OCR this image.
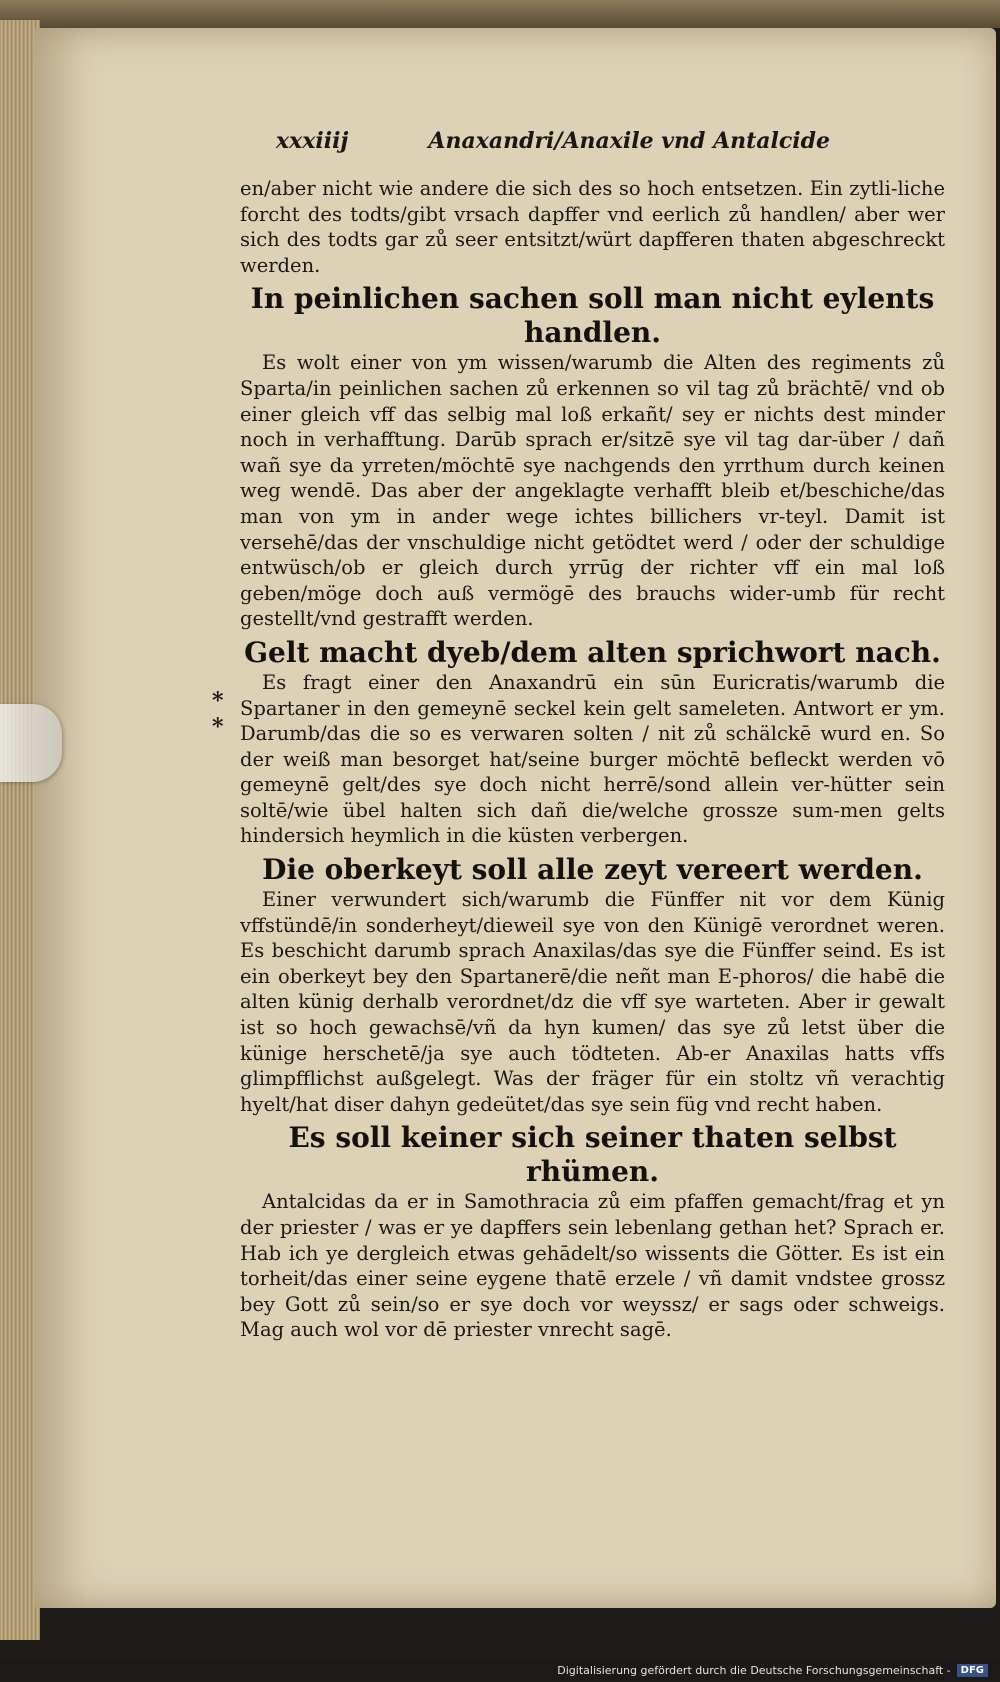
xxxiiij	Anaxandri/Anaxile vnd Antalcide
*
*

en/aber nicht wie andere die sich des so hoch entsetzen. Ein zytli-liche forcht des todts/gibt vrsach dapffer vnd eerlich zů handlen/ aber wer sich des todts gar zů seer entsitzt/würt dapfferen thaten abgeschreckt werden.

In peinlichen sachen soll man nicht eylents handlen.

Es wolt einer von ym wissen/warumb die Alten des regiments zů Sparta/in peinlichen sachen zů erkennen so vil tag zů brächtē/ vnd ob einer gleich vff das selbig mal loß erkañt/ sey er nichts dest minder noch in verhafftung. Darūb sprach er/sitzē sye vil tag dar-über / dañ wañ sye da yrreten/möchtē sye nachgends den yrrthum durch keinen weg wendē. Das aber der angeklagte verhafft bleib et/beschiche/das man von ym in ander wege ichtes billichers vr-teyl. Damit ist versehē/das der vnschuldige nicht getödtet werd / oder der schuldige entwüsch/ob er gleich durch yrrūg der richter vff ein mal loß geben/möge doch auß vermögē des brauchs wider-umb für recht gestellt/vnd gestrafft werden.

Gelt macht dyeb/dem alten sprichwort nach.

Es fragt einer den Anaxandrū ein sūn Euricratis/warumb die Spartaner in den gemeynē seckel kein gelt sameleten. Antwort er ym. Darumb/das die so es verwaren solten / nit zů schälckē wurd en. So der weiß man besorget hat/seine burger möchtē befleckt werden vō gemeynē gelt/des sye doch nicht herrē/sond allein ver-hütter sein soltē/wie übel halten sich dañ die/welche grossze sum-men gelts hindersich heymlich in die küsten verbergen.

Die oberkeyt soll alle zeyt vereert werden.

Einer verwundert sich/warumb die Fünffer nit vor dem Künig vffstündē/in sonderheyt/dieweil sye von den Künigē verordnet weren. Es beschicht darumb sprach Anaxilas/das sye die Fünffer seind. Es ist ein oberkeyt bey den Spartanerē/die neñt man E-phoros/ die habē die alten künig derhalb verordnet/dz die vff sye warteten. Aber ir gewalt ist so hoch gewachsē/vñ da hyn kumen/ das sye zů letst über die künige herschetē/ja sye auch tödteten. Ab-er Anaxilas hatts vffs glimpfflichst außgelegt. Was der fräger für ein stoltz vñ verachtig hyelt/hat diser dahyn gedeütet/das sye sein füg vnd recht haben.

Es soll keiner sich seiner thaten selbst rhümen.

Antalcidas da er in Samothracia zů eim pfaffen gemacht/frag et yn der priester / was er ye dapffers sein lebenlang gethan het? Sprach er. Hab ich ye dergleich etwas gehādelt/so wissents die Götter. Es ist ein torheit/das einer seine eygene thatē erzele / vñ damit vndstee grossz bey Gott zů sein/so er sye doch vor weyssz/ er sags oder schweigs. Mag auch wol vor dē priester vnrecht sagē.

Digitalisierung gefördert durch die Deutsche Forschungsgemeinschaft -	DFG
